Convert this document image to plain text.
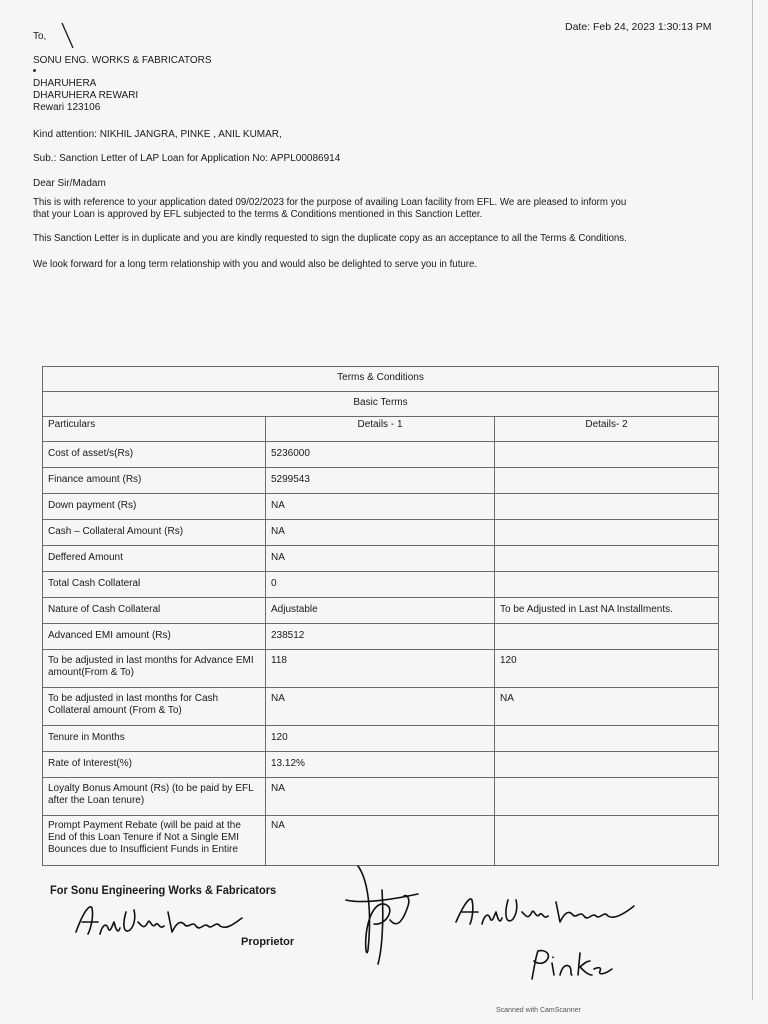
Date: Feb 24, 2023 1:30:13 PM
To,
SONU ENG. WORKS & FABRICATORS
DHARUHERA
DHARUHERA REWARI
Rewari 123106
Kind attention: NIKHIL JANGRA, PINKE , ANIL KUMAR,
Sub.: Sanction Letter of LAP Loan for Application No: APPL00086914
Dear Sir/Madam
This is with reference to your application dated 09/02/2023 for the purpose of availing Loan facility from EFL. We are pleased to inform you
that your Loan is approved by EFL subjected to the terms & Conditions mentioned in this Sanction Letter.
This Sanction Letter is in duplicate and you are kindly requested to sign the duplicate copy as an acceptance to all the Terms & Conditions.
We look forward for a long term relationship with you and would also be delighted to serve you in future.
Terms & Conditions		
Basic Terms		
Particulars	Details - 1	Details- 2
Cost of asset/s(Rs)	5236000	
Finance amount (Rs)	5299543	
Down payment (Rs)	NA	
Cash – Collateral Amount (Rs)	NA	
Deffered Amount	NA	
Total Cash Collateral	0	
Nature of Cash Collateral	Adjustable	To be Adjusted in Last NA Installments.
Advanced EMI amount (Rs)	238512	
To be adjusted in last months for Advance EMI amount(From & To)	118	120
To be adjusted in last months for Cash Collateral amount (From & To)	NA	NA
Tenure in Months	120	
Rate of Interest(%)	13.12%	
Loyalty Bonus Amount (Rs) (to be paid by EFL after the Loan tenure)	NA	
Prompt Payment Rebate (will be paid at the End of this Loan Tenure if Not a Single EMI Bounces due to Insufficient Funds in Entire	NA	
For Sonu Engineering Works & Fabricators
Proprietor
Scanned with CamScanner
